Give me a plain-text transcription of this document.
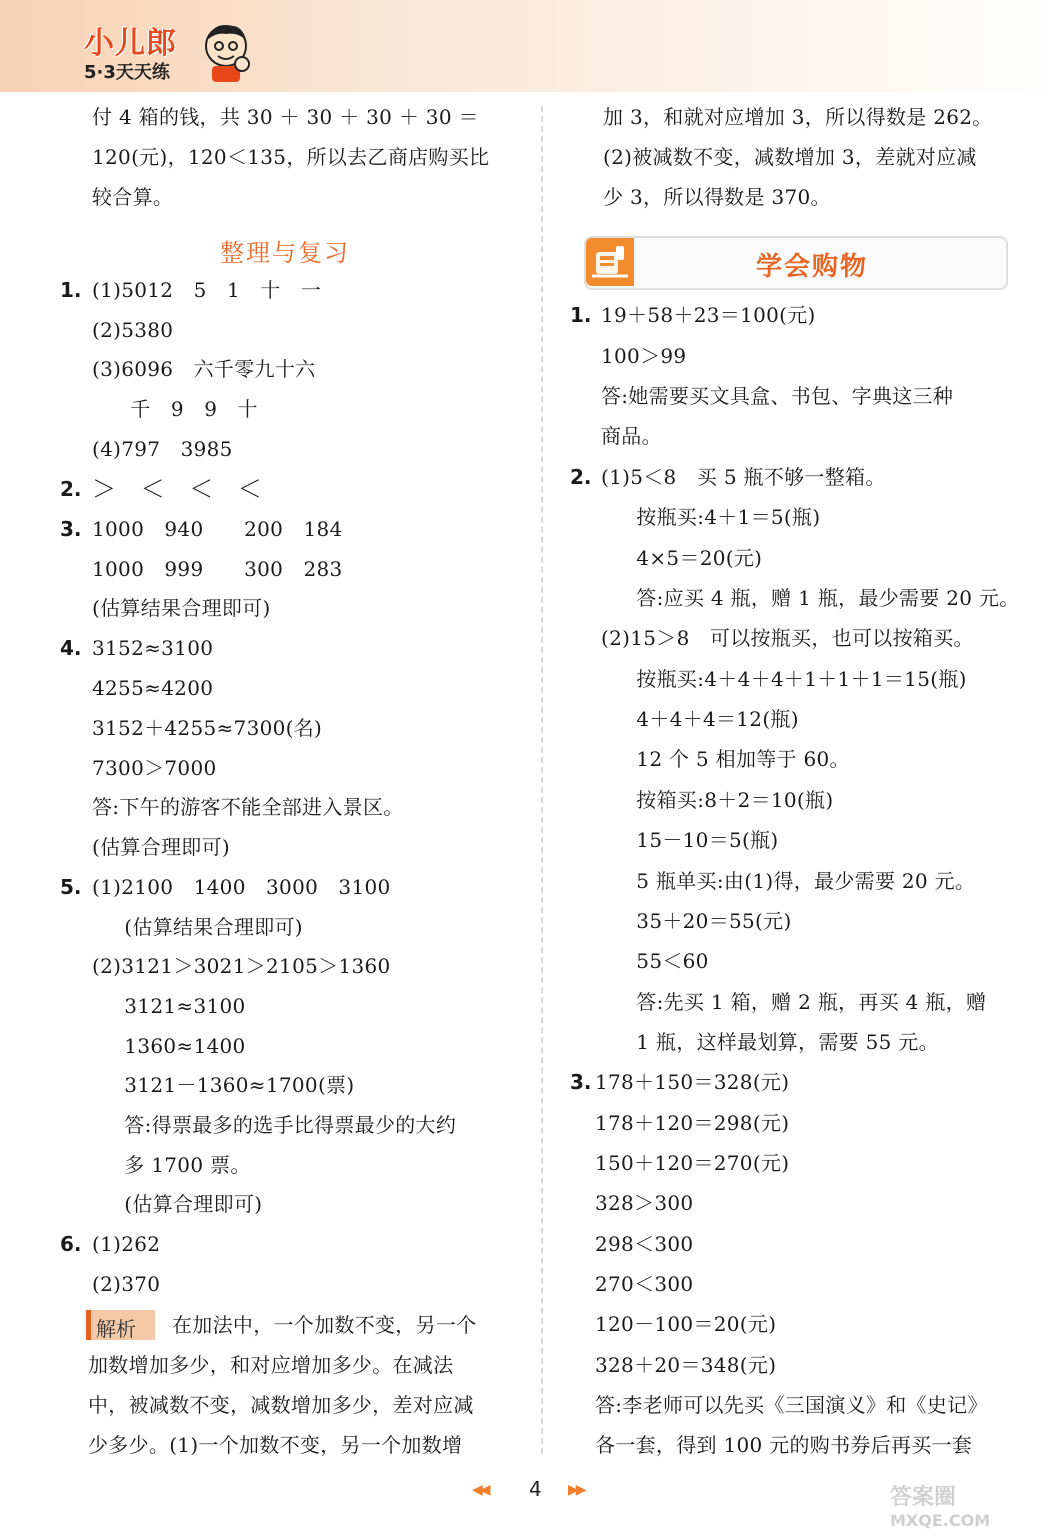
小儿郎
5·3天天练
付 4 箱的钱，共 30 ＋ 30 ＋ 30 ＋ 30 ＝
120(元)，120＜135，所以去乙商店购买比
较合算。
整理与复习
1. (1)5012　5　1　十　一
(2)5380
(3)6096　六千零九十六
　千　9　9　十
(4)797　3985
2. ＞　＜　＜　＜
3. 1000　940　　200　184
1000　999　　300　283
(估算结果合理即可)
4. 3152≈3100
4255≈4200
3152＋4255≈7300(名)
7300＞7000
答:下午的游客不能全部进入景区。
(估算合理即可)
5. (1)2100　1400　3000　3100
　(估算结果合理即可)
(2)3121＞3021＞2105＞1360
　3121≈3100
　1360≈1400
　3121－1360≈1700(票)
　答:得票最多的选手比得票最少的大约
　多 1700 票。
　(估算合理即可)
6. (1)262
(2)370
解析 在加法中，一个加数不变，另一个
加数增加多少，和对应增加多少。在减法
中，被减数不变，减数增加多少，差对应减
少多少。(1)一个加数不变，另一个加数增
加 3，和就对应增加 3，所以得数是 262。
(2)被减数不变，减数增加 3，差就对应减
少 3，所以得数是 370。
学会购物
1. 19＋58＋23＝100(元)
100＞99
答:她需要买文具盒、书包、字典这三种
商品。
2. (1)5＜8　买 5 瓶不够一整箱。
　按瓶买:4＋1＝5(瓶)
　4×5＝20(元)
　答:应买 4 瓶，赠 1 瓶，最少需要 20 元。
(2)15＞8　可以按瓶买，也可以按箱买。
　按瓶买:4＋4＋4＋1＋1＋1＝15(瓶)
　4＋4＋4＝12(瓶)
　12 个 5 相加等于 60。
　按箱买:8＋2＝10(瓶)
　15－10＝5(瓶)
　5 瓶单买:由(1)得，最少需要 20 元。
　35＋20＝55(元)
　55＜60
　答:先买 1 箱，赠 2 瓶，再买 4 瓶，赠
　1 瓶，这样最划算，需要 55 元。
3. 178＋150＝328(元)
178＋120＝298(元)
150＋120＝270(元)
328＞300
298＜300
270＜300
120－100＝20(元)
328＋20＝348(元)
答:李老师可以先买《三国演义》和《史记》
各一套，得到 100 元的购书券后再买一套
◀◀ 4 ▶▶	答案圈
MXQE.COM
